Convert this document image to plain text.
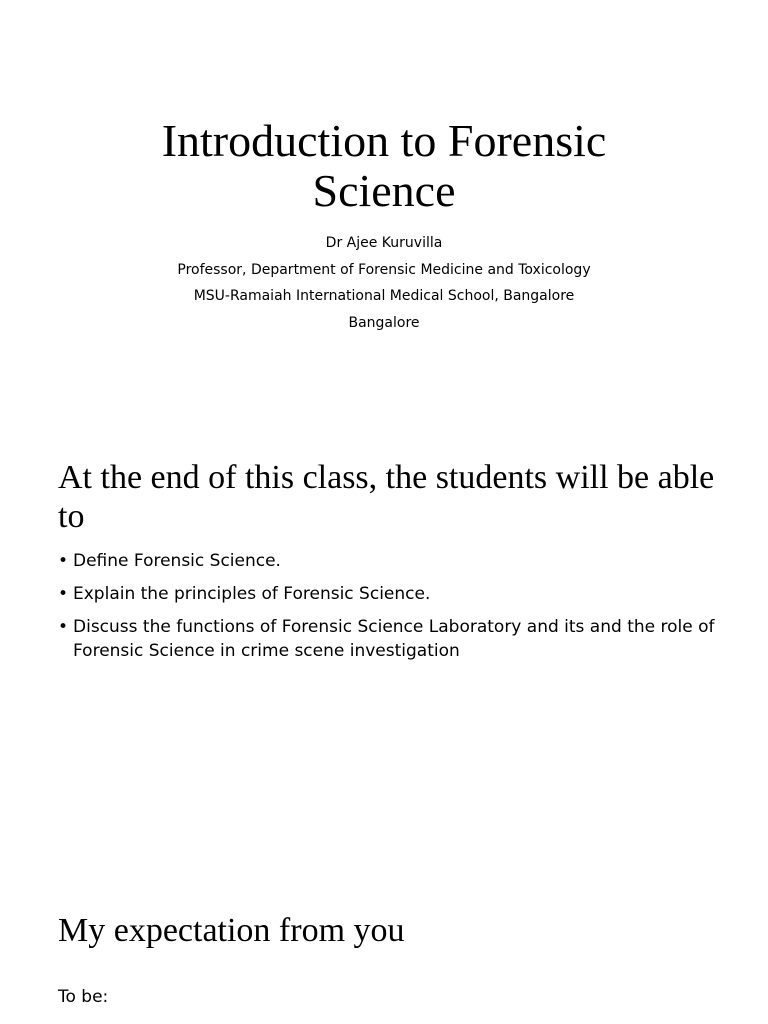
Introduction to Forensic
Science
Dr Ajee Kuruvilla
Professor, Department of Forensic Medicine and Toxicology
MSU-Ramaiah International Medical School, Bangalore
Bangalore
At the end of this class, the students will be able to
• Define Forensic Science.
• Explain the principles of Forensic Science.
• Discuss the functions of Forensic Science Laboratory and its and the role of Forensic Science in crime scene investigation
My expectation from you
To be:
